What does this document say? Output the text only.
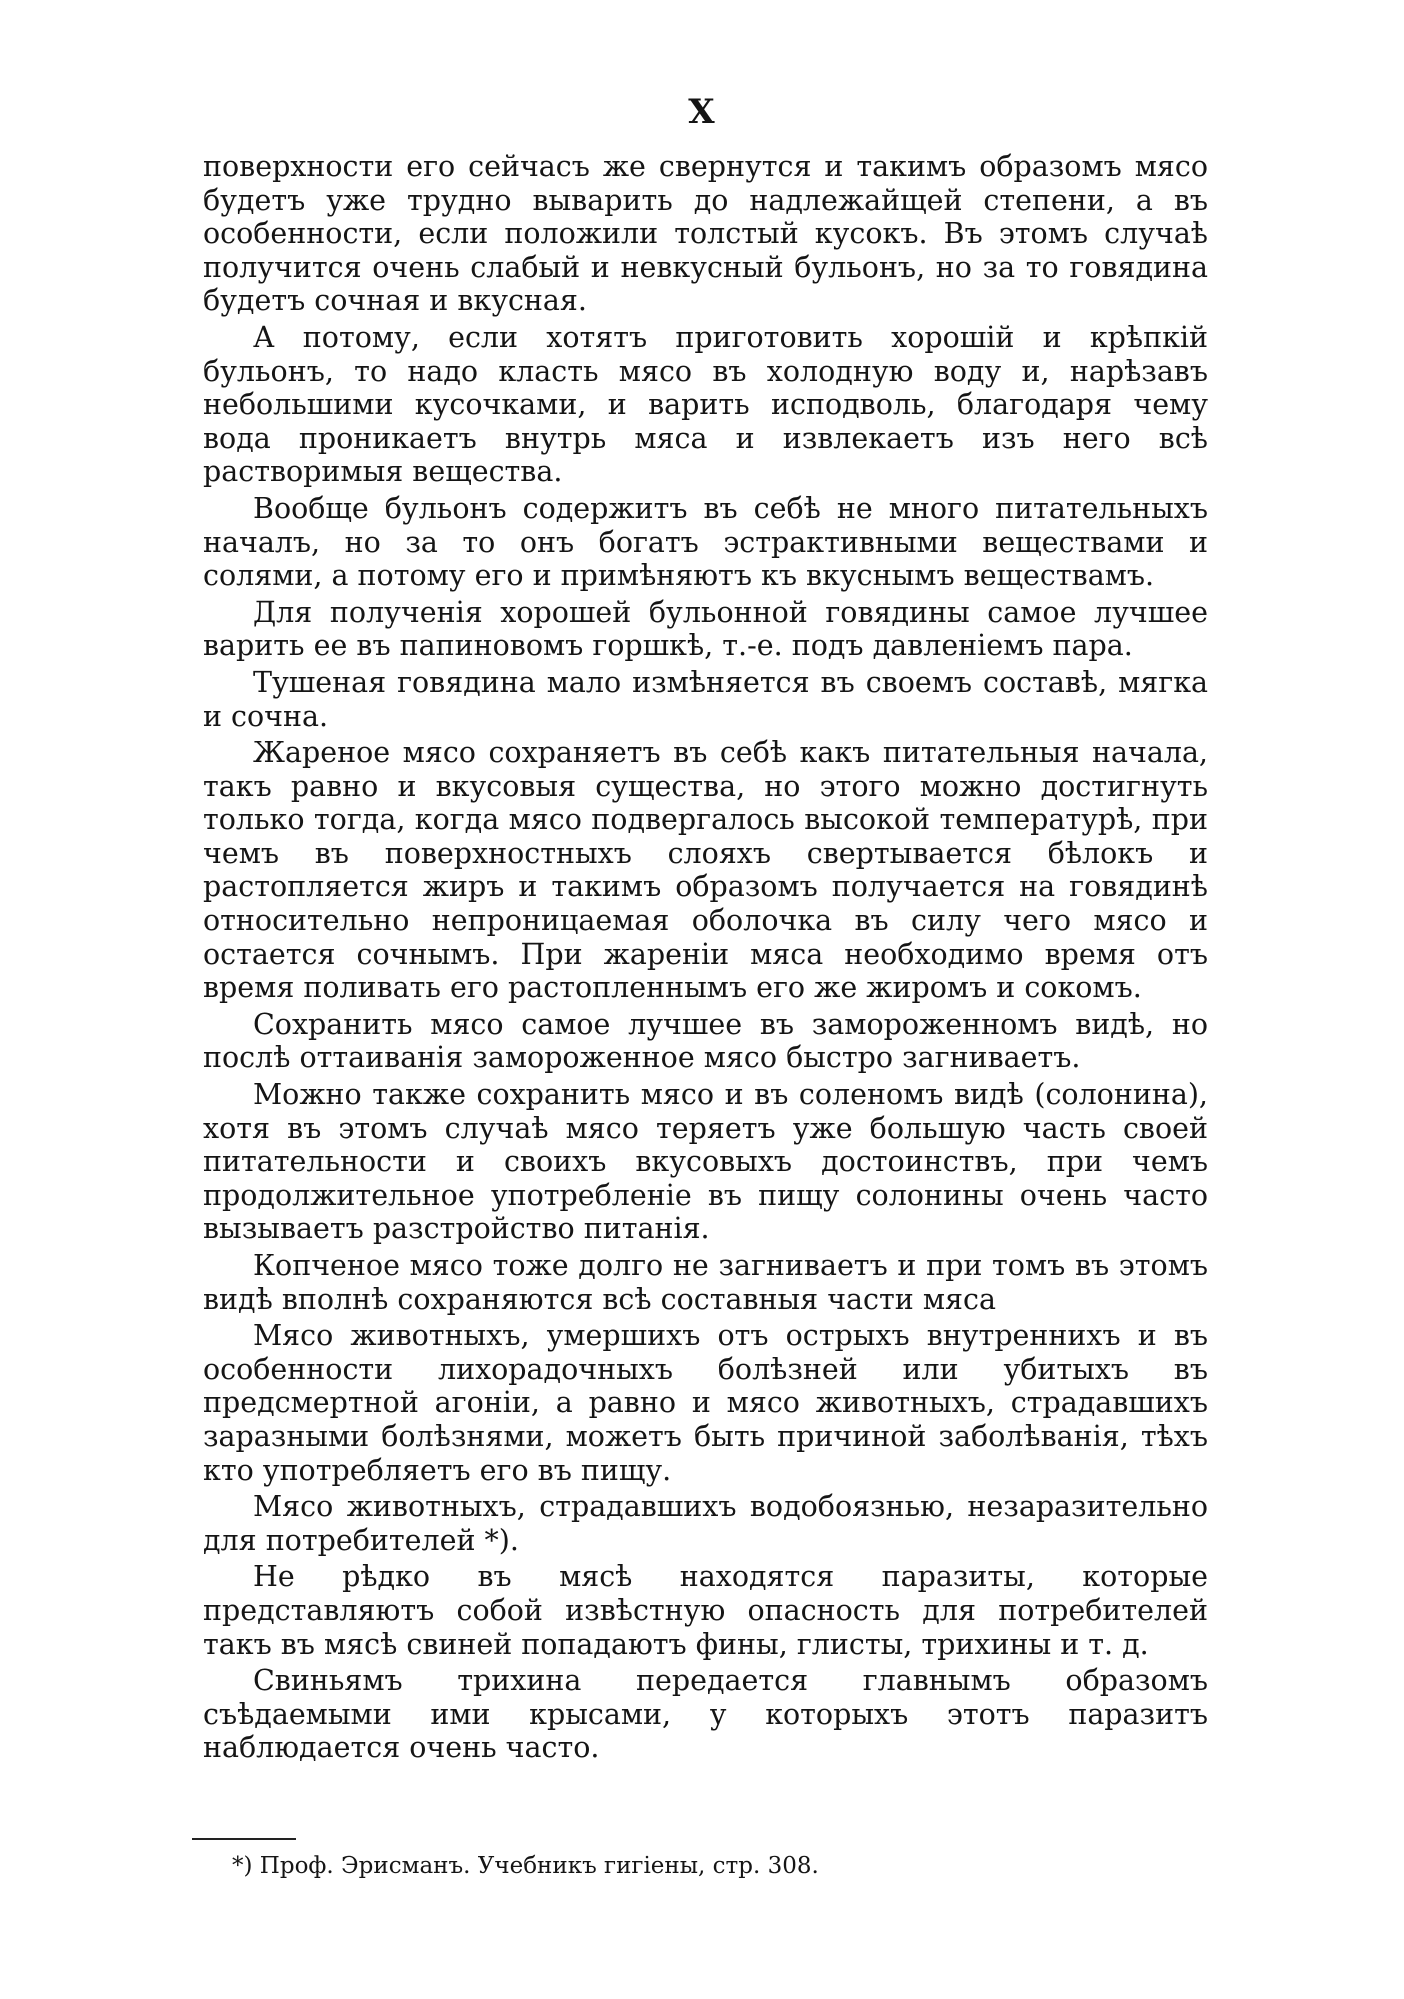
X

поверхности его сейчасъ же свернутся и такимъ образомъ мясо будетъ уже трудно выварить до надлежайщей степени, а въ особенности, если положили толстый кусокъ. Въ этомъ случаѣ получится очень слабый и невкусный бульонъ, но за то говядина будетъ сочная и вкусная.

А потому, если хотятъ приготовить хорошiй и крѣпкiй бульонъ, то надо класть мясо въ холодную воду и, нарѣзавъ небольшими кусочками, и варить исподволь, благодаря чему вода проникаетъ внутрь мяса и извлекаетъ изъ него всѣ растворимыя вещества.

Вообще бульонъ содержитъ въ себѣ не много питательныхъ началъ, но за то онъ богатъ эстрактивными веществами и солями, а потому его и примѣняютъ къ вкуснымъ веществамъ.

Для полученiя хорошей бульонной говядины самое лучшее варить ее въ папиновомъ горшкѣ, т.-е. подъ давленiемъ пара.

Тушеная говядина мало измѣняется въ своемъ составѣ, мягка и сочна.

Жареное мясо сохраняетъ въ себѣ какъ питательныя начала, такъ равно и вкусовыя существа, но этого можно достигнуть только тогда, когда мясо подвергалось высокой температурѣ, при чемъ въ поверхностныхъ слояхъ свертывается бѣлокъ и растопляется жиръ и такимъ образомъ получается на говядинѣ относительно непроницаемая оболочка въ силу чего мясо и остается сочнымъ. При жаренiи мяса необходимо время отъ время поливать его растопленнымъ его же жиромъ и сокомъ.

Сохранить мясо самое лучшее въ замороженномъ видѣ, но послѣ оттаиванiя замороженное мясо быстро загниваетъ.

Можно также сохранить мясо и въ соленомъ видѣ (солонина), хотя въ этомъ случаѣ мясо теряетъ уже большую часть своей питательности и своихъ вкусовыхъ достоинствъ, при чемъ продолжительное употребленiе въ пищу солонины очень часто вызываетъ разстройство питанiя.

Копченое мясо тоже долго не загниваетъ и при томъ въ этомъ видѣ вполнѣ сохраняются всѣ составныя части мяса

Мясо животныхъ, умершихъ отъ острыхъ внутреннихъ и въ особенности лихорадочныхъ болѣзней или убитыхъ въ предсмертной агонiи, а равно и мясо животныхъ, страдавшихъ заразными болѣзнями, можетъ быть причиной заболѣванiя, тѣхъ кто употребляетъ его въ пищу.

Мясо животныхъ, страдавшихъ водобоязнью, незаразительно для потребителей *).

Не рѣдко въ мясѣ находятся паразиты, которые представляютъ собой извѣстную опасность для потребителей такъ въ мясѣ свиней попадаютъ фины, глисты, трихины и т. д.

Свиньямъ трихина передается главнымъ образомъ съѣдаемыми ими крысами, у которыхъ этотъ паразитъ наблюдается очень часто.

*) Проф. Эрисманъ. Учебникъ гигiены, стр. 308.
